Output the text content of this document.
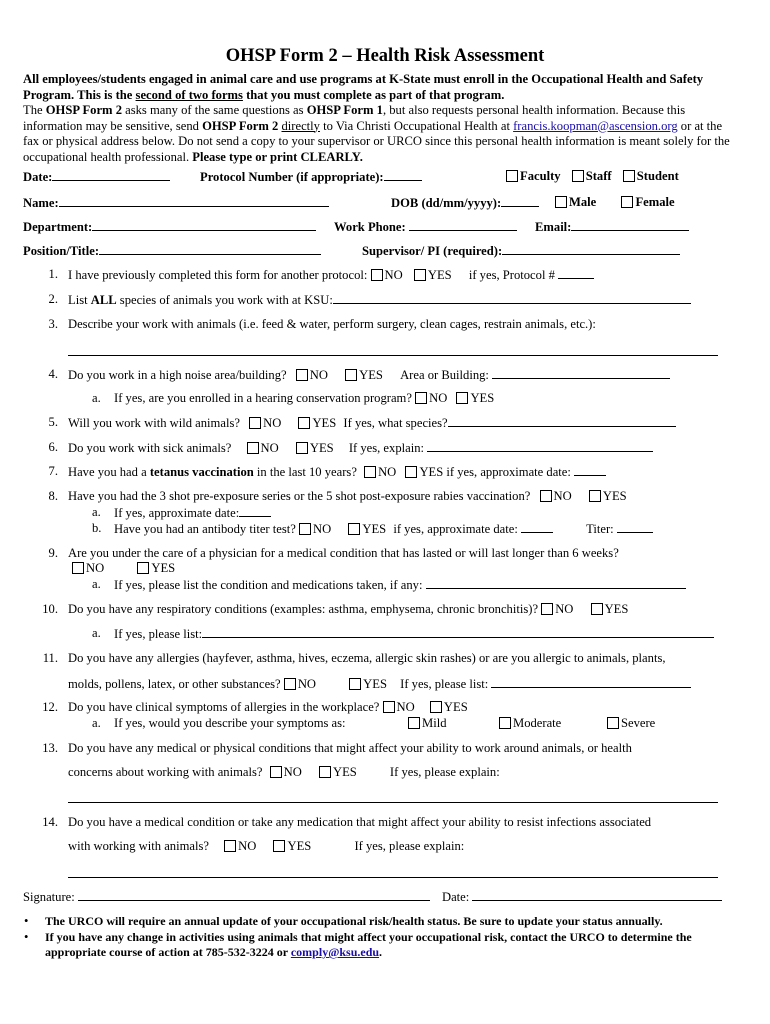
OHSP Form 2 – Health Risk Assessment

All employees/students engaged in animal care and use programs at K-State must enroll in the Occupational Health and Safety Program. This is the second of two forms that you must complete as part of that program.

The OHSP Form 2 asks many of the same questions as OHSP Form 1, but also requests personal health information. Because this information may be sensitive, send OHSP Form 2 directly to Via Christi Occupational Health at francis.koopman@ascension.org or at the fax or physical address below. Do not send a copy to your supervisor or URCO since this personal health information is meant solely for the occupational health professional. Please type or print CLEARLY.

Date:	Protocol Number (if appropriate):	Faculty Staff Student
Name:	DOB (dd/mm/yyyy):	Male	Female
Department:	Work Phone:	Email:
Position/Title:	Supervisor/ PI (required):
1. I have previously completed this form for another protocol: NO YES if yes, Protocol #
2. List ALL species of animals you work with at KSU:
3. Describe your work with animals (i.e. feed & water, perform surgery, clean cages, restrain animals, etc.):
4. Do you work in a high noise area/building? NO YES Area or Building:
a. If yes, are you enrolled in a hearing conservation program? NO YES
5. Will you work with wild animals? NO YES If yes, what species?
6. Do you work with sick animals? NO YES If yes, explain:
7. Have you had a tetanus vaccination in the last 10 years? NO YES if yes, approximate date:
8. Have you had the 3 shot pre-exposure series or the 5 shot post-exposure rabies vaccination? NO YES
a. If yes, approximate date:
b. Have you had an antibody titer test? NO YES if yes, approximate date:	Titer:
9. Are you under the care of a physician for a medical condition that has lasted or will last longer than 6 weeks?
NO	YES
a. If yes, please list the condition and medications taken, if any:
10. Do you have any respiratory conditions (examples: asthma, emphysema, chronic bronchitis)? NO YES
a. If yes, please list:
11. Do you have any allergies (hayfever, asthma, hives, eczema, allergic skin rashes) or are you allergic to animals, plants,
molds, pollens, latex, or other substances? NO	YES If yes, please list:
12. Do you have clinical symptoms of allergies in the workplace? NO YES
a. If yes, would you describe your symptoms as:	Mild	Moderate	Severe
13. Do you have any medical or physical conditions that might affect your ability to work around animals, or health
concerns about working with animals? NO YES	If yes, please explain:
14. Do you have a medical condition or take any medication that might affect your ability to resist infections associated
with working with animals? NO YES	If yes, please explain:
Signature:	Date:
• The URCO will require an annual update of your occupational risk/health status. Be sure to update your status annually.
• If you have any change in activities using animals that might affect your occupational risk, contact the URCO to determine the appropriate course of action at 785-532-3224 or comply@ksu.edu.
